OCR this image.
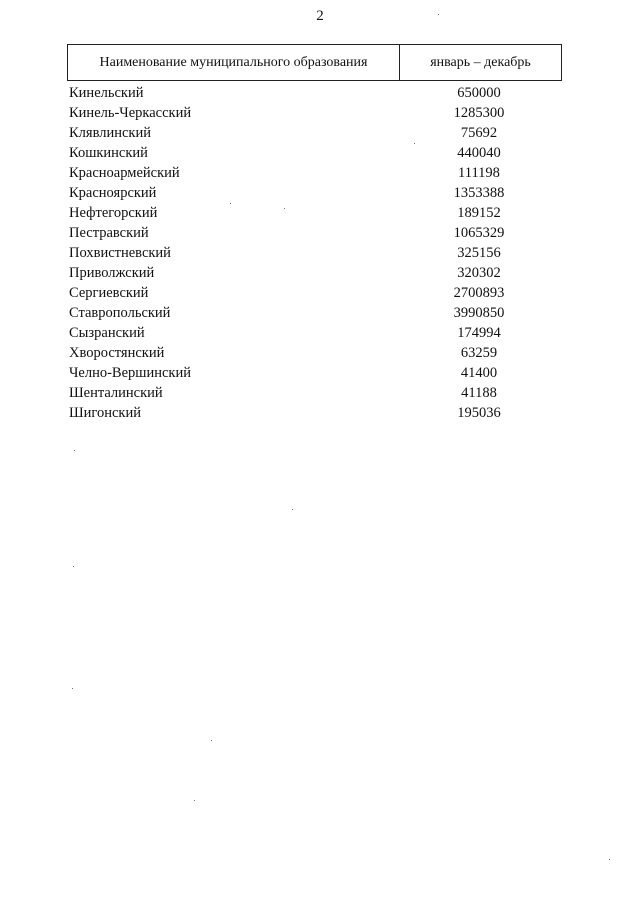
2
Наименование муниципального образования	январь – декабрь
Кинельский	650000
Кинель-Черкасский	1285300
Клявлинский	75692
Кошкинский	440040
Красноармейский	111198
Красноярский	1353388
Нефтегорский	189152
Пестравский	1065329
Похвистневский	325156
Приволжский	320302
Сергиевский	2700893
Ставропольский	3990850
Сызранский	174994
Хворостянский	63259
Челно-Вершинский	41400
Шенталинский	41188
Шигонский	195036
